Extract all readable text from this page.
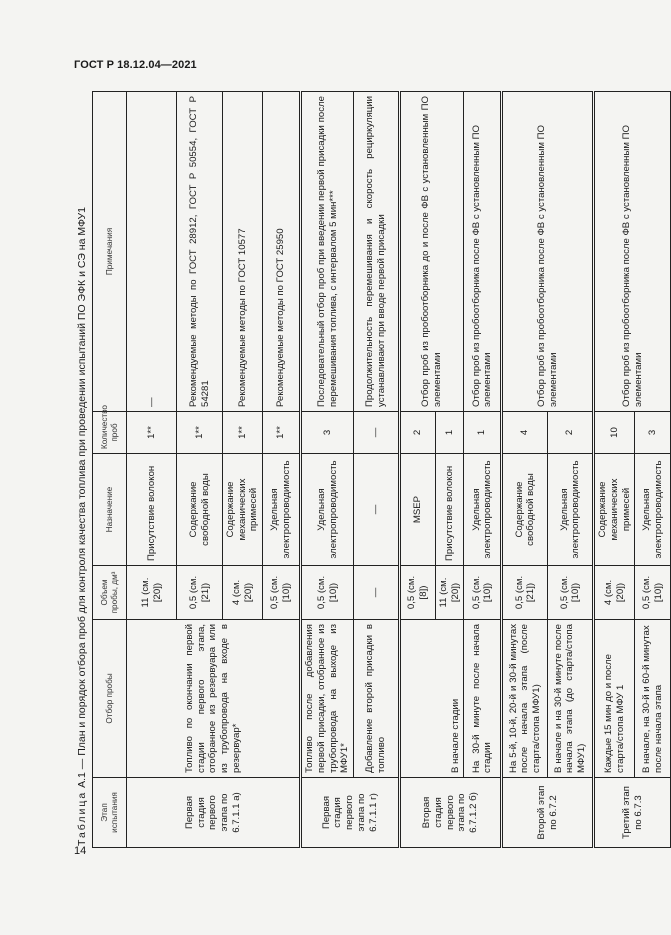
ГОСТ Р 18.12.04—2021
Таблица А.1 — План и порядок отбора проб для контроля качества топлива при проведении испытаний ПО ЭФК и СЭ на МФУ1
Этап испытания	Отбор пробы	Объем пробы, дм³	Назначение	Количество проб	Примечания
Первая стадия первого этапа по 6.7.1.1 а)	Топливо по окончании первой стадии первого этапа, отобранное из резервуара или из трубопровода на входе в резервуар*	11 (см. [20])	Присутствие волокон	1**	—
		0,5 (см. [21])	Содержание свободной воды	1**	Рекомендуемые методы по ГОСТ 28912, ГОСТ Р 50554, ГОСТ Р 54281
		4 (см. [20])	Содержание механических примесей	1**	Рекомендуемые методы по ГОСТ 10577
		0,5 (см. [10])	Удельная электропроводимость	1**	Рекомендуемые методы по ГОСТ 25950
Первая стадия первого этапа по 6.7.1.1 г)	Топливо после добавления первой присадки, отобранное из трубопровода на выходе из МФУ1*	0,5 (см. [10])	Удельная электропроводимость	3	Последовательный отбор проб при введении первой присадки после перемешивания топлива, с интервалом 5 мин***
	Добавление второй присадки в топливо	—	—	—	Продолжительность перемешивания и скорость рециркуляции устанавливают при вводе первой присадки
Вторая стадия первого этапа по 6.7.1.2 б)	В начале стадии	0,5 (см. [8])	MSEP	2	Отбор проб из пробоотборника до и после ФВ с установленным ПО элементами
		11 (см. [20])	Присутствие волокон	1	
	На 30-й минуте после начала стадии	0,5 (см. [10])	Удельная электропроводимость	1	Отбор проб из пробоотборника после ФВ с установленным ПО элементами
Второй этап по 6.7.2	На 5-й, 10-й, 20-й и 30-й минутах после начала этапа (после старта/стопа МФУ1)	0,5 (см. [21])	Содержание свободной воды	4	Отбор проб из пробоотборника после ФВ с установленным ПО элементами
	В начале и на 30-й минуте после начала этапа (до старта/стопа МФУ1)	0,5 (см. [10])	Удельная электропроводимость	2	
Третий этап по 6.7.3	Каждые 15 мин до и после старта/стопа МФУ 1	4 (см. [20])	Содержание механических примесей	10	Отбор проб из пробоотборника после ФВ с установленным ПО элементами
	В начале, на 30-й и 60-й минутах после начала этапа	0,5 (см. [10])	Удельная электропроводимость	3	
14
